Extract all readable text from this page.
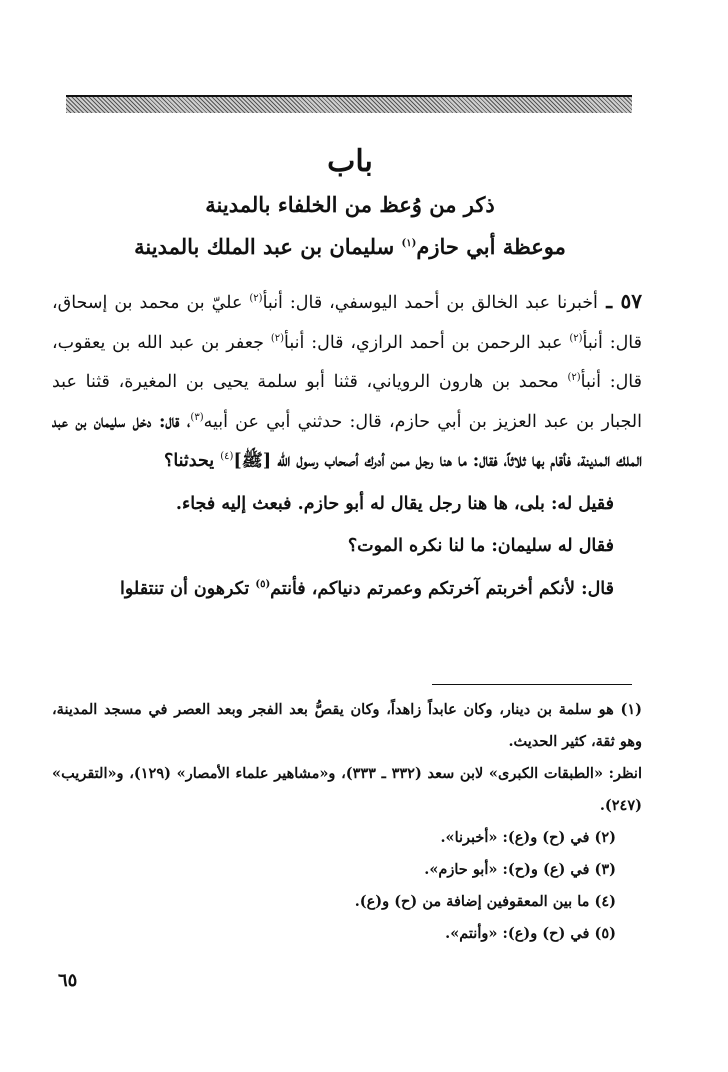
باب
ذكر من وُعظ من الخلفاء بالمدينة
موعظة أبي حازم$^{(١)}$ سليمان بن عبد الملك بالمدينة

٥٧ ـ أخبرنا عبد الخالق بن أحمد اليوسفي، قال: أنبأ$^{(٢)}$ عليّ بن محمد بن إسحاق، قال: أنبأ$^{(٢)}$ عبد الرحمن بن أحمد الرازي، قال: أنبأ$^{(٢)}$ جعفر بن عبد الله بن يعقوب، قال: أنبأ$^{(٢)}$ محمد بن هارون الروياني، قثنا أبو سلمة يحيى بن المغيرة، قثنا عبد الجبار بن عبد العزيز بن أبي حازم، قال: حدثني أبي عن أبيه$^{(٣)}$، قال: دخل سليمان بن عبد الملك المدينة، فأقام بها ثلاثاً، فقال: ما هنا رجل ممن أدرك أصحاب رسول الله [ﷺ]$^{(٤)}$ يحدثنا؟

فقيل له: بلى، ها هنا رجل يقال له أبو حازم. فبعث إليه فجاء.

فقال له سليمان: ما لنا نكره الموت؟

قال: لأنكم أخربتم آخرتكم وعمرتم دنياكم، فأنتم$^{(٥)}$ تكرهون أن تنتقلوا

(١) هو سلمة بن دينار، وكان عابداً زاهداً، وكان يقصُّ بعد الفجر وبعد العصر في مسجد المدينة، وهو ثقة، كثير الحديث.

انظر: «الطبقات الكبرى» لابن سعد (٣٣٢ ـ ٣٣٣)، و«مشاهير علماء الأمصار» (١٢٩)، و«التقريب» (٢٤٧).

(٢) في (ح) و(ع): «أخبرنا».

(٣) في (ع) و(ح): «أبو حازم».

(٤) ما بين المعقوفين إضافة من (ح) و(ع).

(٥) في (ح) و(ع): «وأنتم».

٦٥
